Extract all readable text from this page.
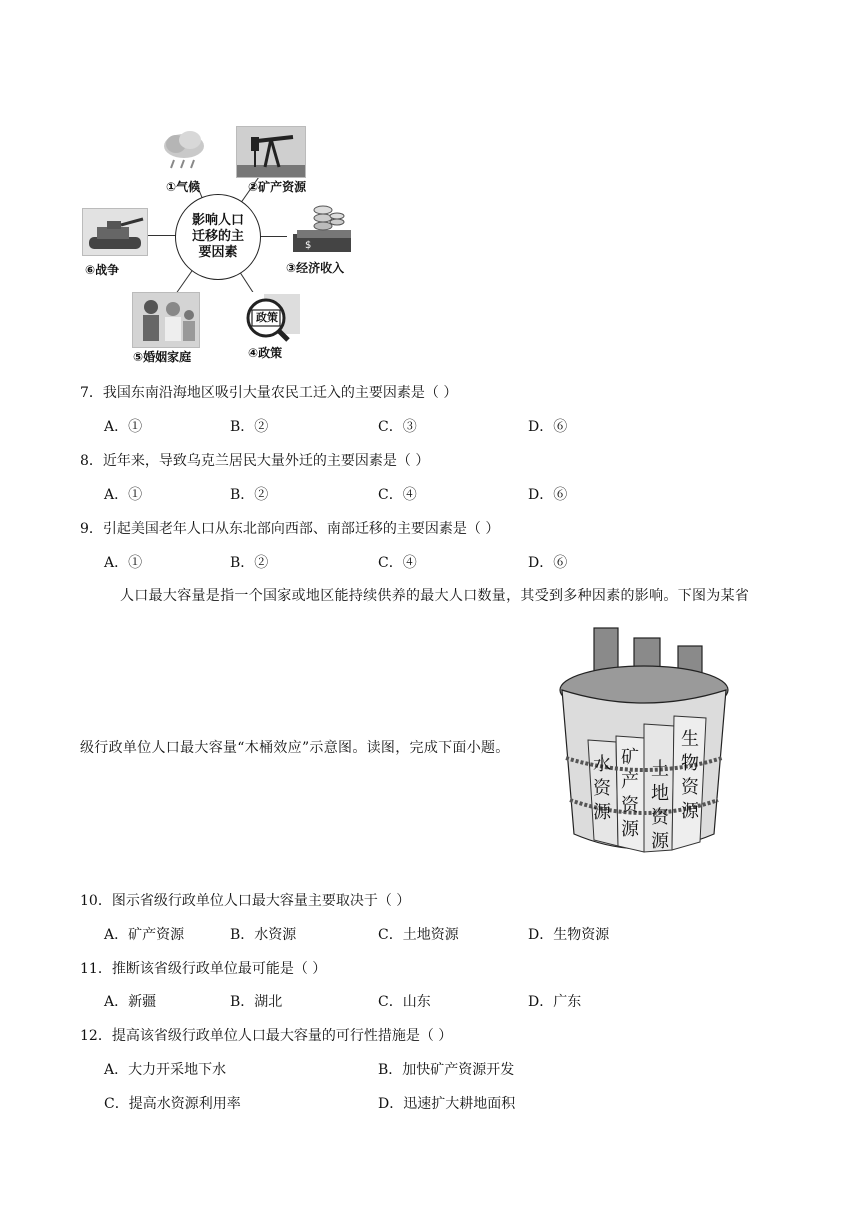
影响人口迁移的主要因素
①气候	②矿产资源
$
③经济收入
政策
④政策
⑤婚姻家庭
⑥战争
7．我国东南沿海地区吸引大量农民工迁入的主要因素是（ ）
A．①	B．②	C．③	D．⑥
8．近年来，导致乌克兰居民大量外迁的主要因素是（ ）
A．①	B．②	C．④	D．⑥
9．引起美国老年人口从东北部向西部、南部迁移的主要因素是（ ）
A．①	B．②	C．④	D．⑥
人口最大容量是指一个国家或地区能持续供养的最大人口数量，其受到多种因素的影响。下图为某省
级行政单位人口最大容量“木桶效应”示意图。读图，完成下面小题。
水资源
矿产资源
土地资源
生物资源
10．图示省级行政单位人口最大容量主要取决于（ ）
A．矿产资源	B．水资源	C．土地资源	D．生物资源
11．推断该省级行政单位最可能是（ ）
A．新疆	B．湖北	C．山东	D．广东
12．提高该省级行政单位人口最大容量的可行性措施是（ ）
A．大力开采地下水	B．加快矿产资源开发
C．提高水资源利用率	D．迅速扩大耕地面积
